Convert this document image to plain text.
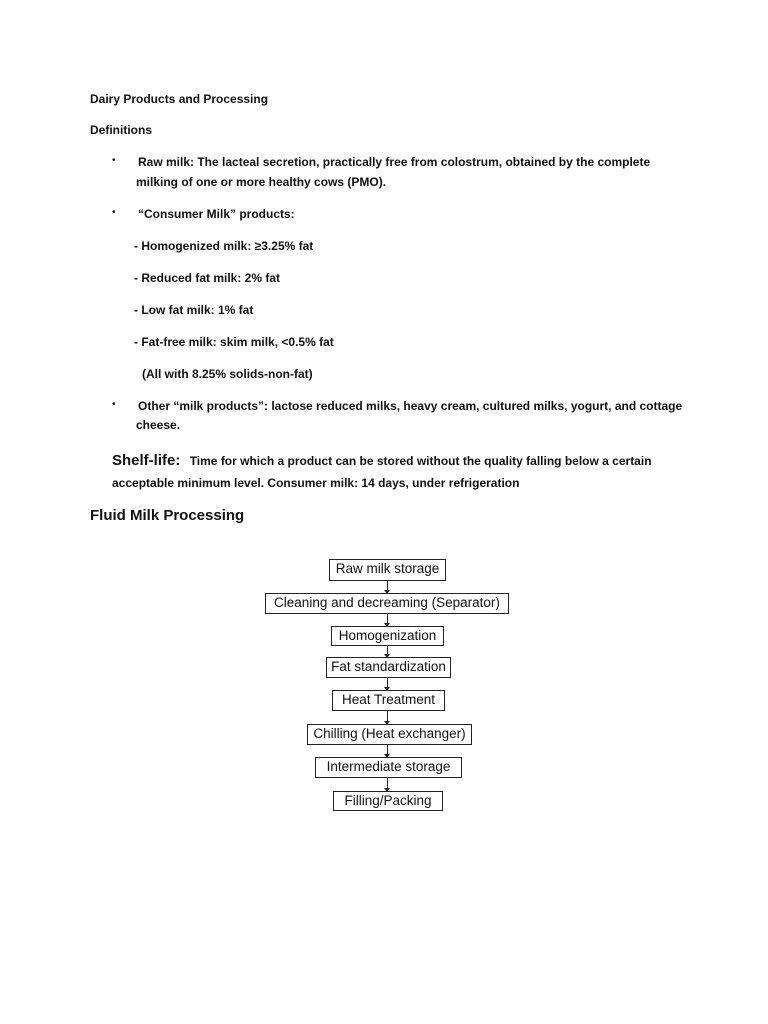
Dairy Products and Processing
Definitions
• Raw milk: The lacteal secretion, practically free from colostrum, obtained by the complete
milking of one or more healthy cows (PMO).
• “Consumer Milk” products:
- Homogenized milk: ≥3.25% fat
- Reduced fat milk: 2% fat
- Low fat milk: 1% fat
- Fat-free milk: skim milk, <0.5% fat
(All with 8.25% solids-non-fat)
• Other “milk products”: lactose reduced milks, heavy cream, cultured milks, yogurt, and cottage
cheese.
Shelf-life: Time for which a product can be stored without the quality falling below a certain
acceptable minimum level. Consumer milk: 14 days, under refrigeration
Fluid Milk Processing
Raw milk storage
Cleaning and decreaming (Separator)
Homogenization
Fat standardization
Heat Treatment
Chilling (Heat exchanger)
Intermediate storage
Filling/Packing
